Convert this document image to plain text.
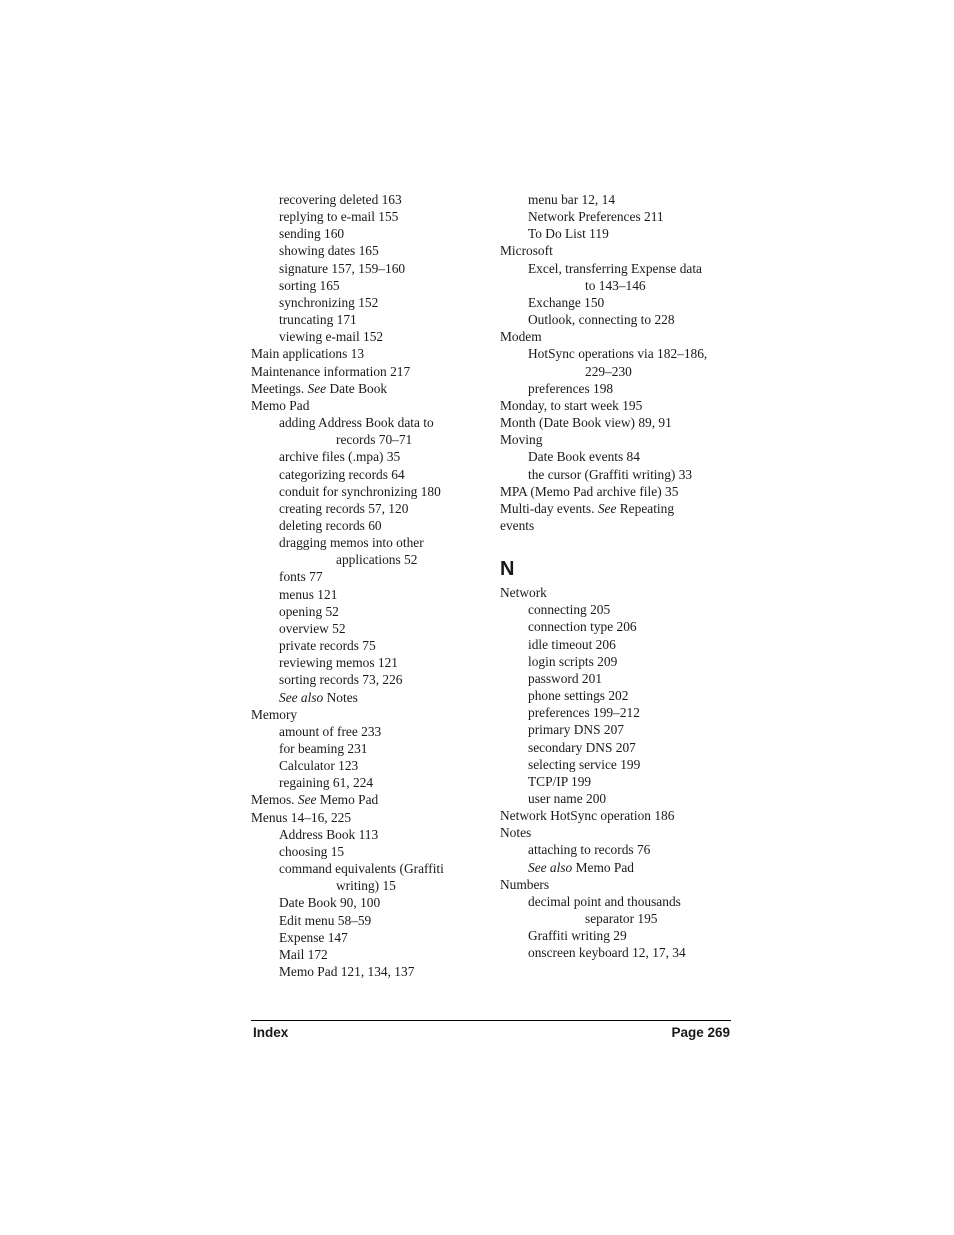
recovering deleted 163
replying to e-mail 155
sending 160
showing dates 165
signature 157, 159–160
sorting 165
synchronizing 152
truncating 171
viewing e-mail 152
Main applications 13
Maintenance information 217
Meetings. See Date Book
Memo Pad
adding Address Book data to
records 70–71
archive files (.mpa) 35
categorizing records 64
conduit for synchronizing 180
creating records 57, 120
deleting records 60
dragging memos into other
applications 52
fonts 77
menus 121
opening 52
overview 52
private records 75
reviewing memos 121
sorting records 73, 226
See also Notes
Memory
amount of free 233
for beaming 231
Calculator 123
regaining 61, 224
Memos. See Memo Pad
Menus 14–16, 225
Address Book 113
choosing 15
command equivalents (Graffiti
writing) 15
Date Book 90, 100
Edit menu 58–59
Expense 147
Mail 172
Memo Pad 121, 134, 137
menu bar 12, 14
Network Preferences 211
To Do List 119
Microsoft
Excel, transferring Expense data
to 143–146
Exchange 150
Outlook, connecting to 228
Modem
HotSync operations via 182–186,
229–230
preferences 198
Monday, to start week 195
Month (Date Book view) 89, 91
Moving
Date Book events 84
the cursor (Graffiti writing) 33
MPA (Memo Pad archive file) 35
Multi-day events. See Repeating
events
N
Network
connecting 205
connection type 206
idle timeout 206
login scripts 209
password 201
phone settings 202
preferences 199–212
primary DNS 207
secondary DNS 207
selecting service 199
TCP/IP 199
user name 200
Network HotSync operation 186
Notes
attaching to records 76
See also Memo Pad
Numbers
decimal point and thousands
separator 195
Graffiti writing 29
onscreen keyboard 12, 17, 34
Index	Page 269
